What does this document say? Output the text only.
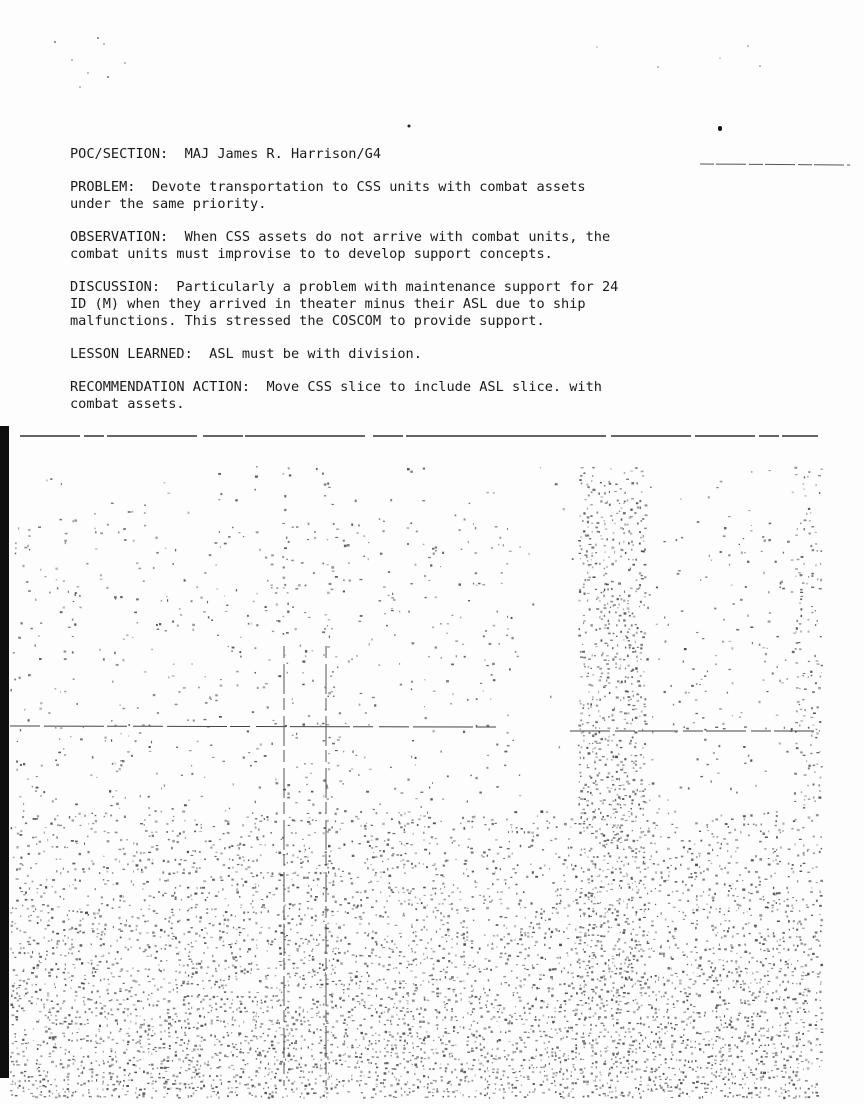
POC/SECTION: MAJ James R. Harrison/G4

PROBLEM: Devote transportation to CSS units with combat assets under the same priority.

OBSERVATION: When CSS assets do not arrive with combat units, the combat units must improvise to to develop support concepts.

DISCUSSION: Particularly a problem with maintenance support for 24 ID (M) when they arrived in theater minus their ASL due to ship malfunctions. This stressed the COSCOM to provide support.

LESSON LEARNED: ASL must be with division.

RECOMMENDATION ACTION: Move CSS slice to include ASL slice. with combat assets.
